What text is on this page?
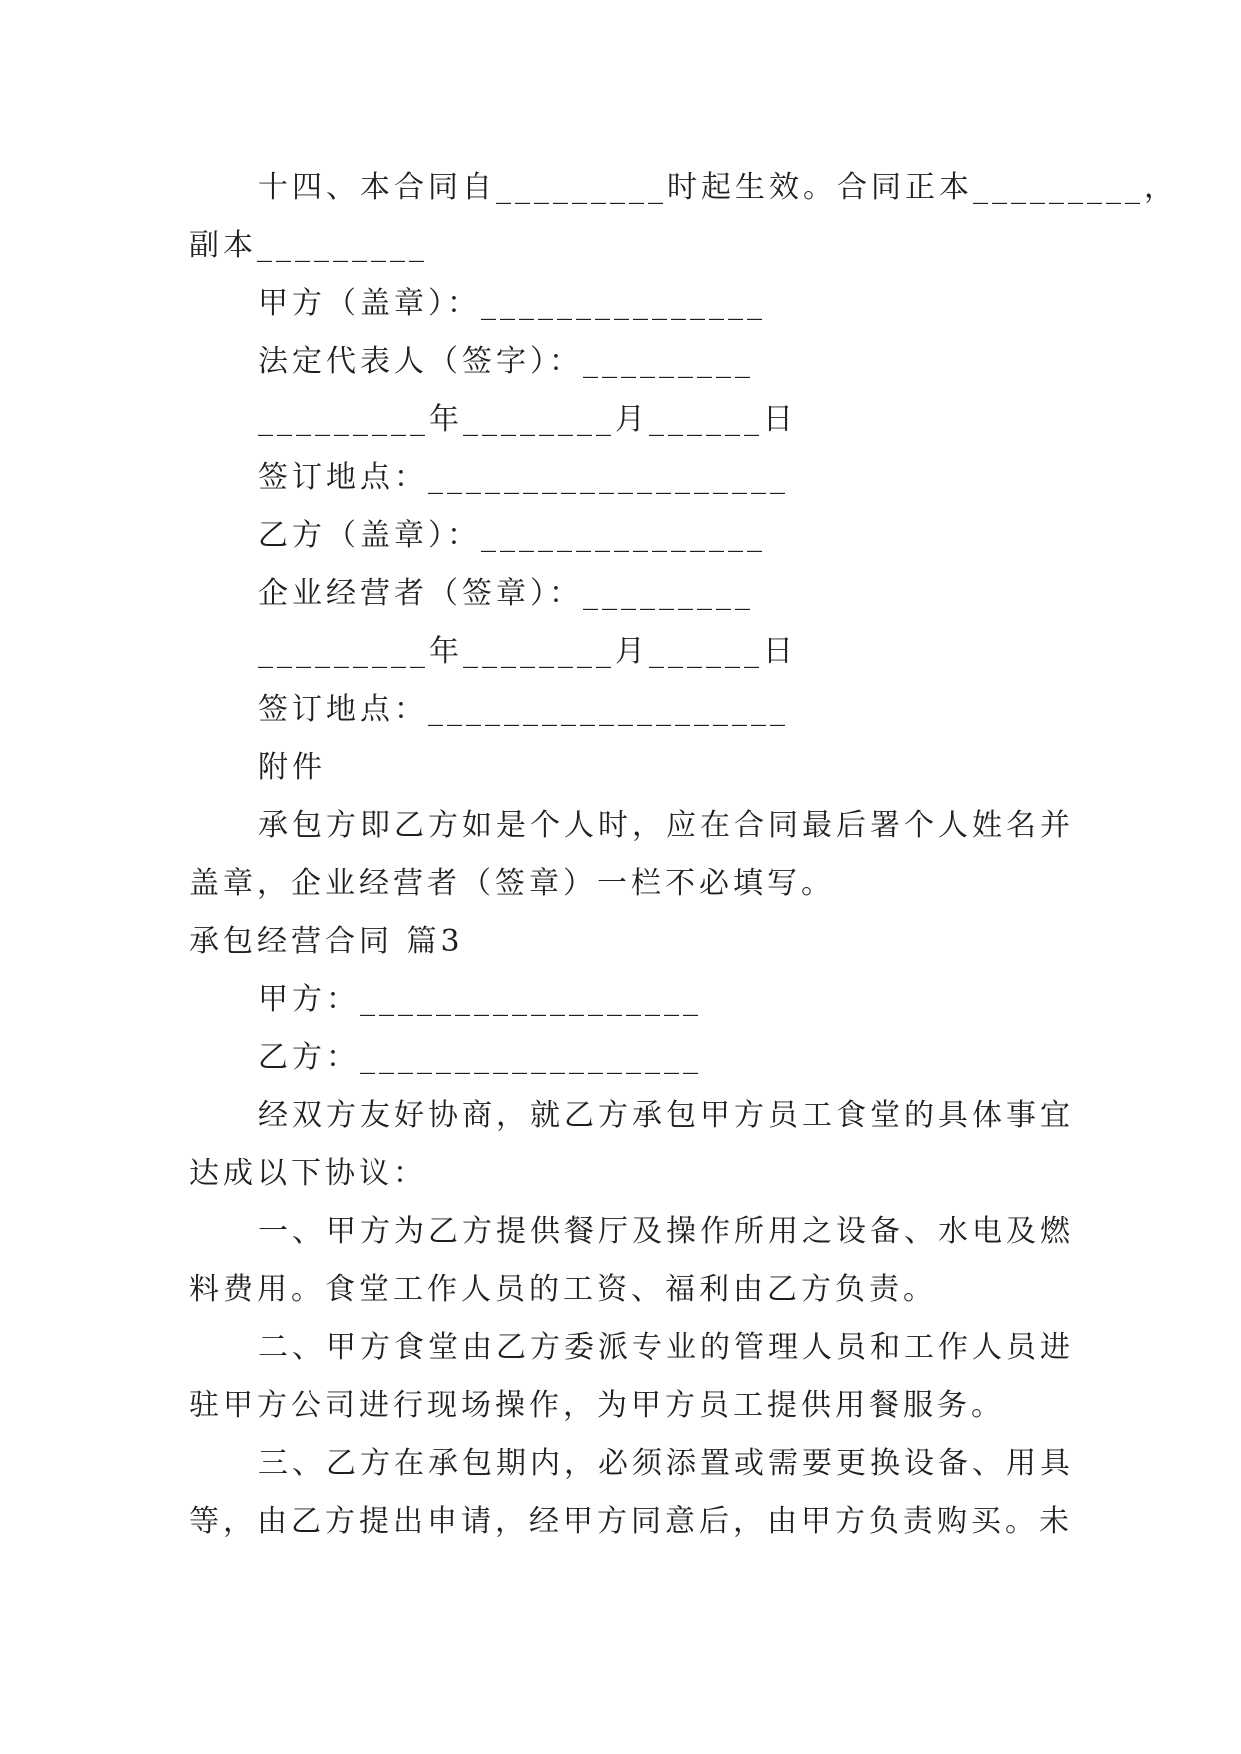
十四、本合同自_________时起生效。合同正本_________，
副本_________
甲方（盖章）：_______________
法定代表人（签字）：_________
_________年________月______日
签订地点：___________________
乙方（盖章）：_______________
企业经营者（签章）：_________
_________年________月______日
签订地点：___________________
附件
承包方即乙方如是个人时，应在合同最后署个人姓名并
盖章，企业经营者（签章）一栏不必填写。
承包经营合同 篇3
甲方：__________________
乙方：__________________
经双方友好协商，就乙方承包甲方员工食堂的具体事宜
达成以下协议：
一、甲方为乙方提供餐厅及操作所用之设备、水电及燃
料费用。食堂工作人员的工资、福利由乙方负责。
二、甲方食堂由乙方委派专业的管理人员和工作人员进
驻甲方公司进行现场操作，为甲方员工提供用餐服务。
三、乙方在承包期内，必须添置或需要更换设备、用具
等，由乙方提出申请，经甲方同意后，由甲方负责购买。未
